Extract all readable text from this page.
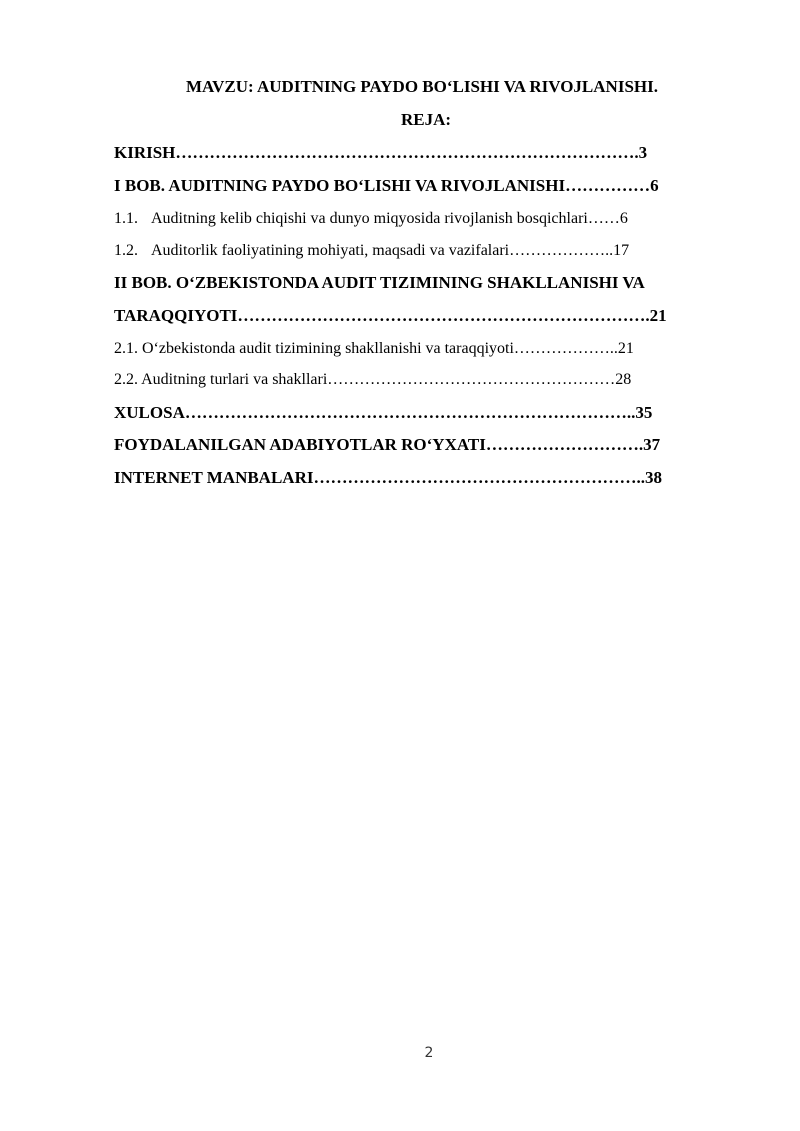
MAVZU: AUDITNING PAYDO BO‘LISHI VA RIVOJLANISHI.
REJA:
KIRISH……………………………………………………………………….3
I BOB. AUDITNING PAYDO BO‘LISHI VA RIVOJLANISHI……………6
1.1. Auditning kelib chiqishi va dunyo miqyosida rivojlanish bosqichlari……6
1.2. Auditorlik faoliyatining mohiyati, maqsadi va vazifalari………………..17
II BOB. O‘ZBEKISTONDA AUDIT TIZIMINING SHAKLLANISHI VA
TARAQQIYOTI……………………………………………………………….21
2.1. O‘zbekistonda audit tizimining shakllanishi va taraqqiyoti………………..21
2.2. Auditning turlari va shakllari………………………………………………28
XULOSA……………………………………………………………………..35
FOYDALANILGAN ADABIYOTLAR RO‘YXATI……………………….37
INTERNET MANBALARI…………………………………………………..38
2
